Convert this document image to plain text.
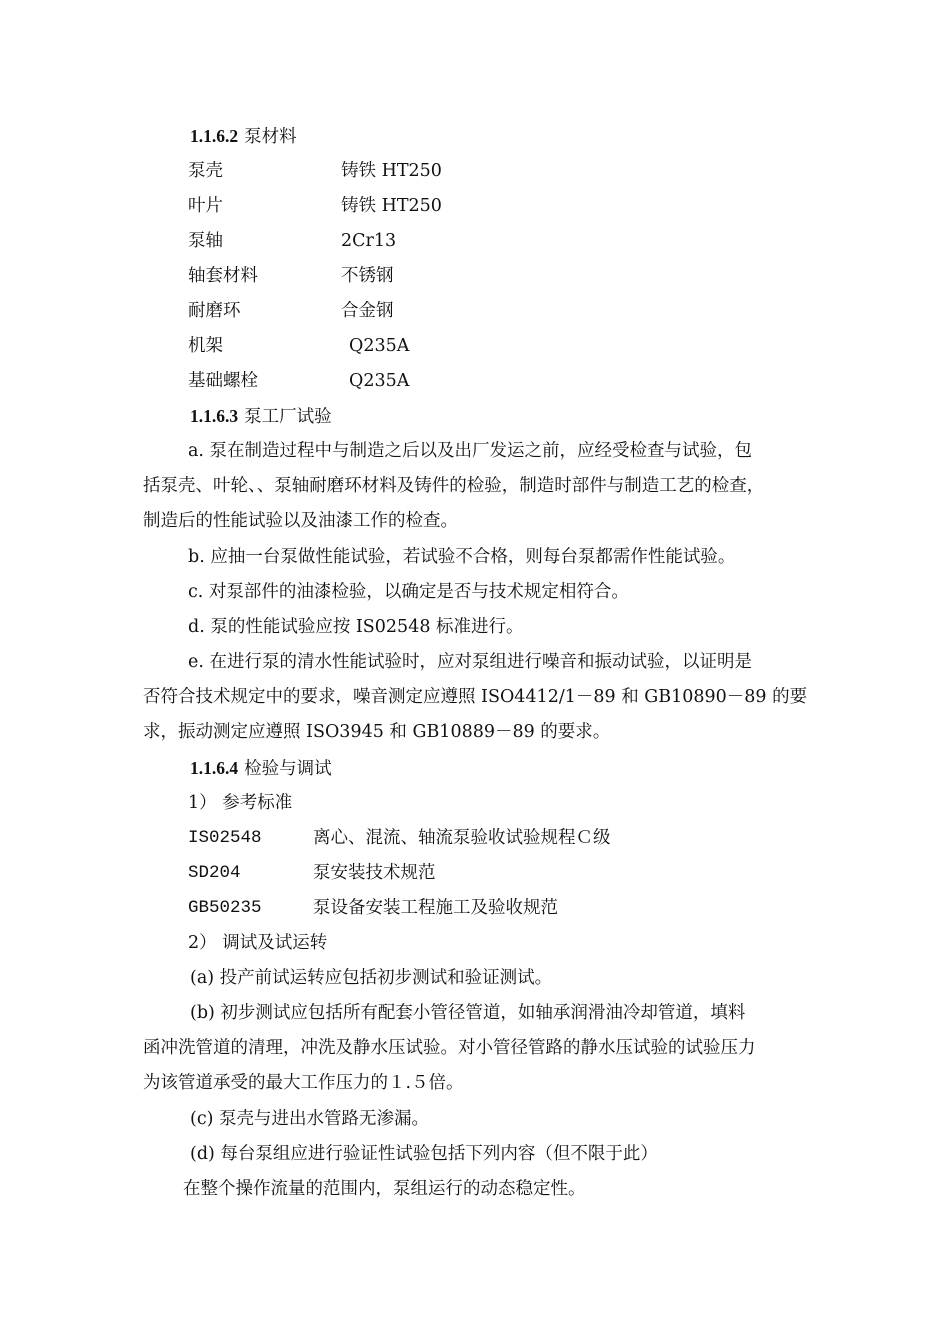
1.1.6.2 泵材料
泵壳	铸铁 HT250
叶片	铸铁 HT250
泵轴	2Cr13
轴套材料	不锈钢
耐磨环	合金钢
机架	Q235A
基础螺栓	Q235A
1.1.6.3 泵工厂试验
a. 泵在制造过程中与制造之后以及出厂发运之前，应经受检查与试验，包
括泵壳、叶轮、、泵轴耐磨环材料及铸件的检验，制造时部件与制造工艺的检查，
制造后的性能试验以及油漆工作的检查。
b. 应抽一台泵做性能试验，若试验不合格，则每台泵都需作性能试验。
c. 对泵部件的油漆检验，以确定是否与技术规定相符合。
d. 泵的性能试验应按 IS02548 标准进行。
e. 在进行泵的清水性能试验时，应对泵组进行噪音和振动试验，以证明是
否符合技术规定中的要求，噪音测定应遵照 ISO4412/1－89 和 GB10890－89 的要
求，振动测定应遵照 ISO3945 和 GB10889－89 的要求。
1.1.6.4 检验与调试
1） 参考标准
IS02548	离心、混流、轴流泵验收试验规程Ｃ级
SD204	泵安装技术规范
GB50235	泵设备安装工程施工及验收规范
2） 调试及试运转
(a) 投产前试运转应包括初步测试和验证测试。
(b) 初步测试应包括所有配套小管径管道，如轴承润滑油冷却管道，填料
函冲洗管道的清理，冲洗及静水压试验。对小管径管路的静水压试验的试验压力
为该管道承受的最大工作压力的１.５倍。
(c) 泵壳与进出水管路无渗漏。
(d) 每台泵组应进行验证性试验包括下列内容（但不限于此）
在整个操作流量的范围内，泵组运行的动态稳定性。
